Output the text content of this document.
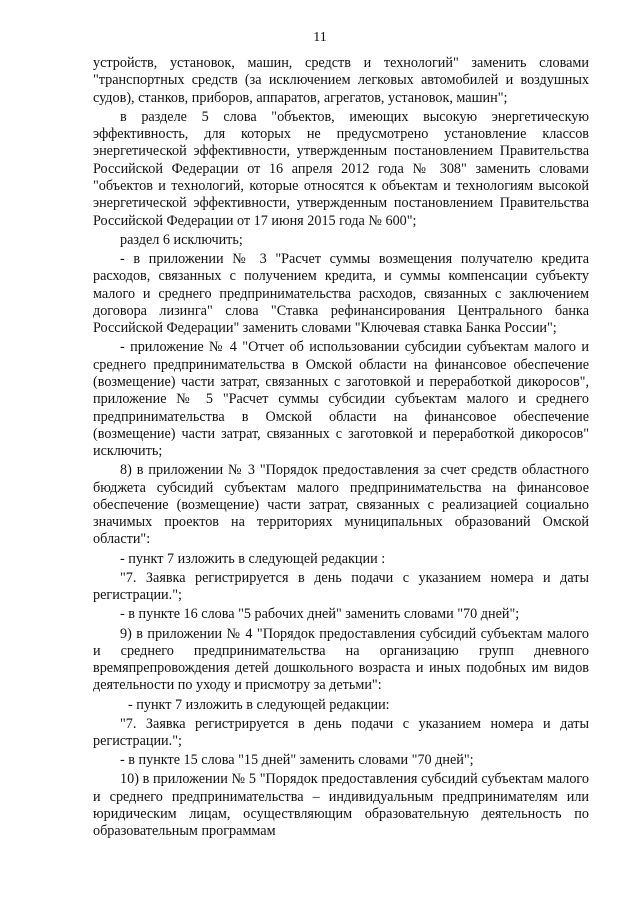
11

устройств, установок, машин, средств и технологий" заменить словами "транспортных средств (за исключением легковых автомобилей и воздушных судов), станков, приборов, аппаратов, агрегатов, установок, машин";

в разделе 5 слова "объектов, имеющих высокую энергетическую эффективность, для которых не предусмотрено установление классов энергетической эффективности, утвержденным постановлением Правительства Российской Федерации от 16 апреля 2012 года № 308" заменить словами "объектов и технологий, которые относятся к объектам и технологиям высокой энергетической эффективности, утвержденным постановлением Правительства Российской Федерации от 17 июня 2015 года № 600";

раздел 6 исключить;

- в приложении № 3 "Расчет суммы возмещения получателю кредита расходов, связанных с получением кредита, и суммы компенсации субъекту малого и среднего предпринимательства расходов, связанных с заключением договора лизинга" слова "Ставка рефинансирования Центрального банка Российской Федерации" заменить словами "Ключевая ставка Банка России";

- приложение № 4 "Отчет об использовании субсидии субъектам малого и среднего предпринимательства в Омской области на финансовое обеспечение (возмещение) части затрат, связанных с заготовкой и переработкой дикоросов", приложение № 5 "Расчет суммы субсидии субъектам малого и среднего предпринимательства в Омской области на финансовое обеспечение (возмещение) части затрат, связанных с заготовкой и переработкой дикоросов" исключить;

8) в приложении № 3 "Порядок предоставления за счет средств областного бюджета субсидий субъектам малого предпринимательства на финансовое обеспечение (возмещение) части затрат, связанных с реализацией социально значимых проектов на территориях муниципальных образований Омской области":

- пункт 7 изложить в следующей редакции :

"7. Заявка регистрируется в день подачи с указанием номера и даты регистрации.";

- в пункте 16 слова "5 рабочих дней" заменить словами "70 дней";

9) в приложении № 4 "Порядок предоставления субсидий субъектам малого и среднего предпринимательства на организацию групп дневного времяпрепровождения детей дошкольного возраста и иных подобных им видов деятельности по уходу и присмотру за детьми":

- пункт 7 изложить в следующей редакции:

"7. Заявка регистрируется в день подачи с указанием номера и даты регистрации.";

- в пункте 15 слова "15 дней" заменить словами "70 дней";

10) в приложении № 5 "Порядок предоставления субсидий субъектам малого и среднего предпринимательства – индивидуальным предпринимателям или юридическим лицам, осуществляющим образовательную деятельность по образовательным программам
